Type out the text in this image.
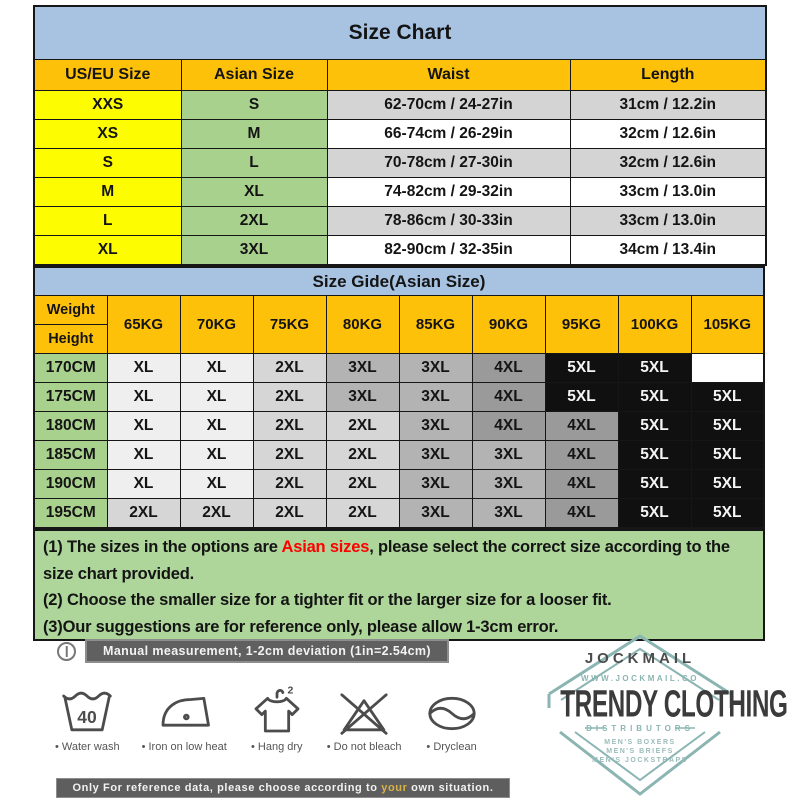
Size Chart			
US/EU Size	Asian Size	Waist	Length
XXS	S	62-70cm / 24-27in	31cm / 12.2in
XS	M	66-74cm / 26-29in	32cm / 12.6in
S	L	70-78cm / 27-30in	32cm / 12.6in
M	XL	74-82cm / 29-32in	33cm / 13.0in
L	2XL	78-86cm / 30-33in	33cm / 13.0in
XL	3XL	82-90cm / 32-35in	34cm / 13.4in
Size Gide(Asian Size)									

Weight
Height	65KG	70KG	75KG	80KG	85KG	90KG	95KG	100KG	105KG
170CM	XL	XL	2XL	3XL	3XL	4XL	5XL	5XL	
175CM	XL	XL	2XL	3XL	3XL	4XL	5XL	5XL	5XL
180CM	XL	XL	2XL	2XL	3XL	4XL	4XL	5XL	5XL
185CM	XL	XL	2XL	2XL	3XL	3XL	4XL	5XL	5XL
190CM	XL	XL	2XL	2XL	3XL	3XL	4XL	5XL	5XL
195CM	2XL	2XL	2XL	2XL	3XL	3XL	4XL	5XL	5XL

(1) The sizes in the options are Asian sizes, please select the correct size according to the size chart provided.

(2) Choose the smaller size for a tighter fit or the larger size for a looser fit.

(3)Our suggestions are for reference only, please allow 1-3cm error.

Manual measurement, 1-2cm deviation (1in=2.54cm)
40
• Water wash • Iron on low heat
2
• Hang dry • Do not bleach • Dryclean
JOCKMAIL
WWW.JOCKMAIL.CO
TRENDY CLOTHING
DISTRIBUTORS
MEN'S BOXERS
MEN'S BRIEFS
MEN'S JOCKSTRAPS
Only For reference data, please choose according to your own situation.
